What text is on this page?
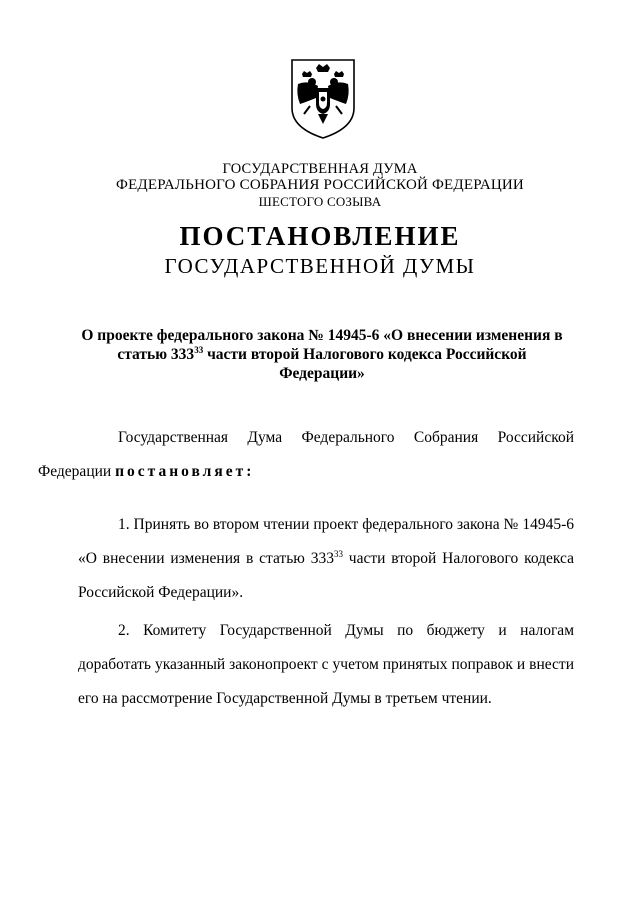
ГОСУДАРСТВЕННАЯ ДУМА
ФЕДЕРАЛЬНОГО СОБРАНИЯ РОССИЙСКОЙ ФЕДЕРАЦИИ
ШЕСТОГО СОЗЫВА
ПОСТАНОВЛЕНИЕ
ГОСУДАРСТВЕННОЙ ДУМЫ
О проекте федерального закона № 14945-6 «О внесении изменения в статью $333^{33}$ части второй Налогового кодекса Российской Федерации»
Государственная Дума Федерального Собрания Российской
Федерации постановляет:
1. Принять во втором чтении проект федерального закона № 14945-6
«О внесении изменения в статью $333^{33}$ части второй Налогового кодекса
Российской Федерации».
2. Комитету Государственной Думы по бюджету и налогам доработать указанный законопроект с учетом принятых поправок и внести его на рассмотрение Государственной Думы в третьем чтении.
